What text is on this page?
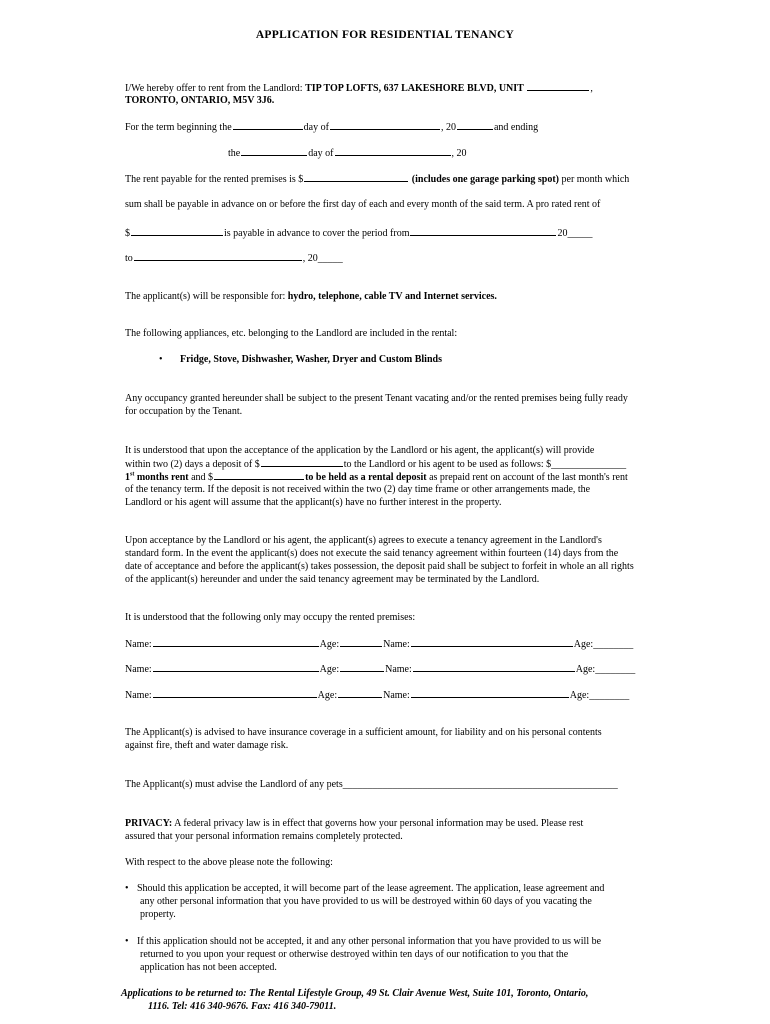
APPLICATION FOR RESIDENTIAL TENANCY
I/We hereby offer to rent from the Landlord: TIP TOP LOFTS, 637 LAKESHORE BLVD, UNIT	,
TORONTO, ONTARIO, M5V 3J6.
For the term beginning the	day of	, 20	and ending
the	day of	, 20
The rent payable for the rented premises is $	(includes one garage parking spot) per month which
sum shall be payable in advance on or before the first day of each and every month of the said term. A pro rated rent of
$	is payable in advance to cover the period from	20_____
to	, 20_____
The applicant(s) will be responsible for: hydro, telephone, cable TV and Internet services.
The following appliances, etc. belonging to the Landlord are included in the rental:
• Fridge, Stove, Dishwasher, Washer, Dryer and Custom Blinds
Any occupancy granted hereunder shall be subject to the present Tenant vacating and/or the rented premises being fully ready
for occupation by the Tenant.
It is understood that upon the acceptance of the application by the Landlord or his agent, the applicant(s) will provide
within two (2) days a deposit of $	to the Landlord or his agent to be used as follows: $_______________
1st months rent and $	to be held as a rental deposit as prepaid rent on account of the last month's rent
of the tenancy term. If the deposit is not received within the two (2) day time frame or other arrangements made, the
Landlord or his agent will assume that the applicant(s) have no further interest in the property.
Upon acceptance by the Landlord or his agent, the applicant(s) agrees to execute a tenancy agreement in the Landlord's
standard form. In the event the applicant(s) does not execute the said tenancy agreement within fourteen (14) days from the
date of acceptance and before the applicant(s) takes possession, the deposit paid shall be subject to forfeit in whole an all rights
of the applicant(s) hereunder and under the said tenancy agreement may be terminated by the Landlord.
It is understood that the following only may occupy the rented premises:
Name:	Age:	Name:	Age:________
Name:	Age:	Name:	Age:________
Name:	Age:	Name:	Age:________
The Applicant(s) is advised to have insurance coverage in a sufficient amount, for liability and on his personal contents
against fire, theft and water damage risk.
The Applicant(s) must advise the Landlord of any pets_______________________________________________________
PRIVACY: A federal privacy law is in effect that governs how your personal information may be used. Please rest
assured that your personal information remains completely protected.
With respect to the above please note the following:
• Should this application be accepted, it will become part of the lease agreement. The application, lease agreement and
any other personal information that you have provided to us will be destroyed within 60 days of you vacating the
property.
• If this application should not be accepted, it and any other personal information that you have provided to us will be
returned to you upon your request or otherwise destroyed within ten days of our notification to you that the
application has not been accepted.
Applications to be returned to: The Rental Lifestyle Group, 49 St. Clair Avenue West, Suite 101, Toronto, Ontario,
1116. Tel: 416 340-9676. Fax: 416 340-79011.
